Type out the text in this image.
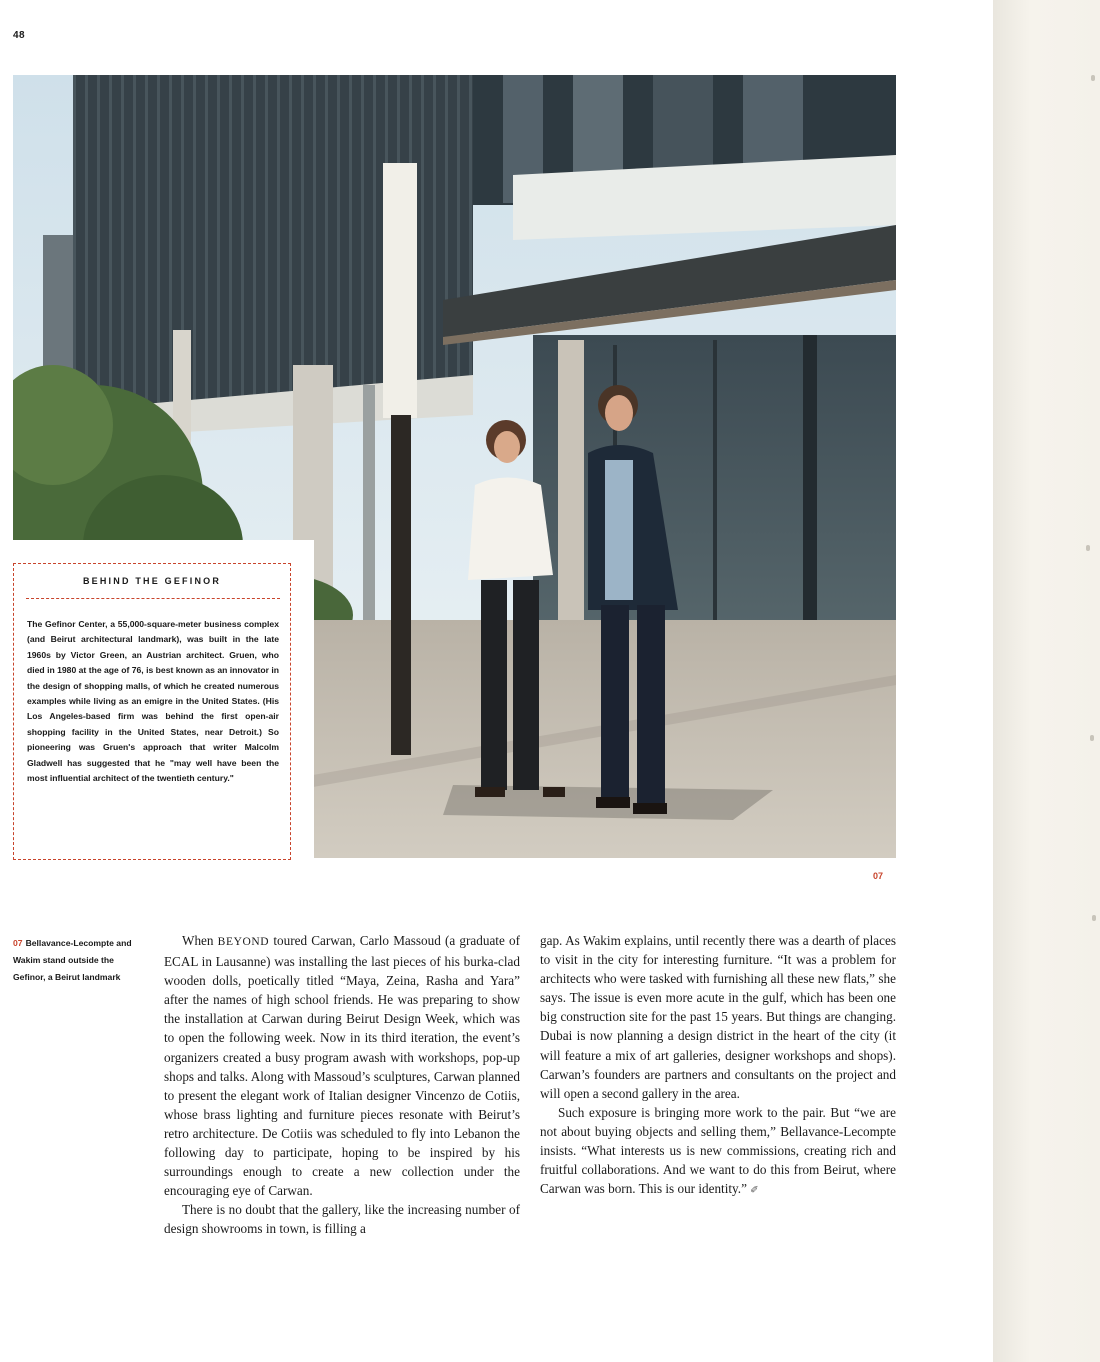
48
07
BEHIND THE GEFINOR

The Gefinor Center, a 55,000-square-meter business complex (and Beirut architectural landmark), was built in the late 1960s by Victor Green, an Austrian architect. Gruen, who died in 1980 at the age of 76, is best known as an innovator in the design of shopping malls, of which he created numerous examples while living as an emigre in the United States. (His Los Angeles-based firm was behind the first open-air shopping facility in the United States, near Detroit.) So pioneering was Gruen's approach that writer Malcolm Gladwell has suggested that he "may well have been the most influential architect of the twentieth century."

07 Bellavance-Lecompte and Wakim stand outside the Gefinor, a Beirut landmark

When BEYOND toured Carwan, Carlo Massoud (a graduate of ECAL in Lausanne) was installing the last pieces of his burka-clad wooden dolls, poetically titled “Maya, Zeina, Rasha and Yara” after the names of high school friends. He was preparing to show the installation at Carwan during Beirut Design Week, which was to open the following week. Now in its third iteration, the event’s organizers created a busy program awash with workshops, pop-up shops and talks. Along with Massoud’s sculptures, Carwan planned to present the elegant work of Italian designer Vincenzo de Cotiis, whose brass lighting and furniture pieces resonate with Beirut’s retro architecture. De Cotiis was scheduled to fly into Lebanon the following day to participate, hoping to be inspired by his surroundings enough to create a new collection under the encouraging eye of Carwan.

There is no doubt that the gallery, like the increasing number of design showrooms in town, is filling a

gap. As Wakim explains, until recently there was a dearth of places to visit in the city for interesting furniture. “It was a problem for architects who were tasked with furnishing all these new flats,” she says. The issue is even more acute in the gulf, which has been one big construction site for the past 15 years. But things are changing. Dubai is now planning a design district in the heart of the city (it will feature a mix of art galleries, designer workshops and shops). Carwan’s founders are partners and consultants on the project and will open a second gallery in the area.

Such exposure is bringing more work to the pair. But “we are not about buying objects and selling them,” Bellavance-Lecompte insists. “What interests us is new commissions, creating rich and fruitful collaborations. And we want to do this from Beirut, where Carwan was born. This is our identity.” ✐
